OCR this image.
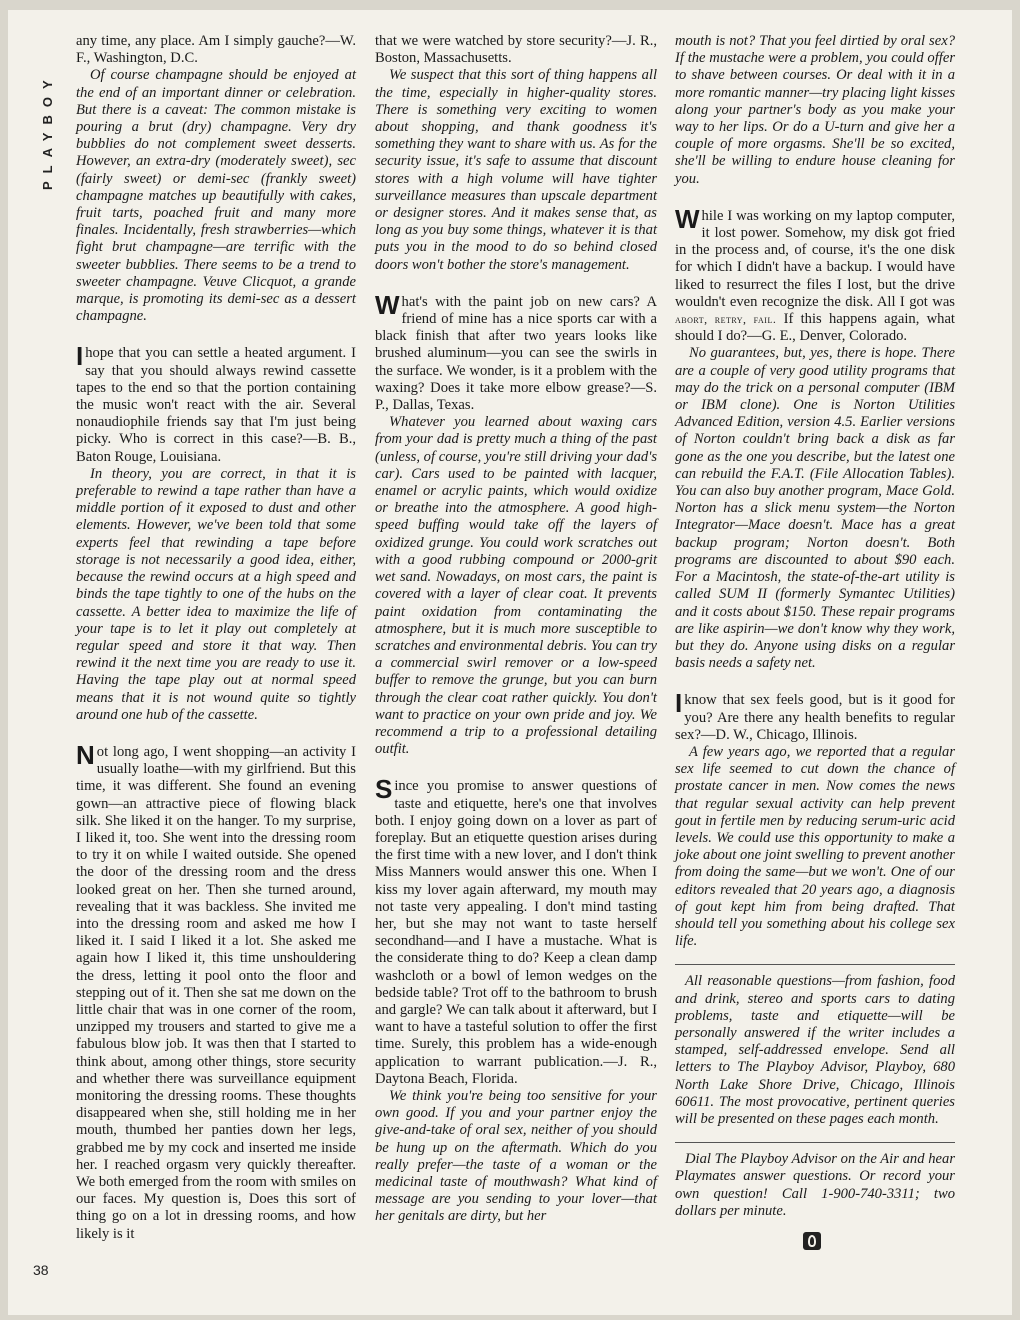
PLAYBOY
38

any time, any place. Am I simply gauche?—W. F., Washington, D.C.

Of course champagne should be enjoyed at the end of an important dinner or celebration. But there is a caveat: The common mistake is pouring a brut (dry) champagne. Very dry bubblies do not complement sweet desserts. However, an extra-dry (moderately sweet), sec (fairly sweet) or demi-sec (frankly sweet) champagne matches up beautifully with cakes, fruit tarts, poached fruit and many more finales. Incidentally, fresh strawberries—which fight brut champagne—are terrific with the sweeter bubblies. There seems to be a trend to sweeter champagne. Veuve Clicquot, a grande marque, is promoting its demi-sec as a dessert champagne.

I hope that you can settle a heated argument. I say that you should always rewind cassette tapes to the end so that the portion containing the music won't react with the air. Several nonaudiophile friends say that I'm just being picky. Who is correct in this case?—B. B., Baton Rouge, Louisiana.

In theory, you are correct, in that it is preferable to rewind a tape rather than have a middle portion of it exposed to dust and other elements. However, we've been told that some experts feel that rewinding a tape before storage is not necessarily a good idea, either, because the rewind occurs at a high speed and binds the tape tightly to one of the hubs on the cassette. A better idea to maximize the life of your tape is to let it play out completely at regular speed and store it that way. Then rewind it the next time you are ready to use it. Having the tape play out at normal speed means that it is not wound quite so tightly around one hub of the cassette.

Not long ago, I went shopping—an activity I usually loathe—with my girlfriend. But this time, it was different. She found an evening gown—an attractive piece of flowing black silk. She liked it on the hanger. To my surprise, I liked it, too. She went into the dressing room to try it on while I waited outside. She opened the door of the dressing room and the dress looked great on her. Then she turned around, revealing that it was backless. She invited me into the dressing room and asked me how I liked it. I said I liked it a lot. She asked me again how I liked it, this time unshouldering the dress, letting it pool onto the floor and stepping out of it. Then she sat me down on the little chair that was in one corner of the room, unzipped my trousers and started to give me a fabulous blow job. It was then that I started to think about, among other things, store security and whether there was surveillance equipment monitoring the dressing rooms. These thoughts disappeared when she, still holding me in her mouth, thumbed her panties down her legs, grabbed me by my cock and inserted me inside her. I reached orgasm very quickly thereafter. We both emerged from the room with smiles on our faces. My question is, Does this sort of thing go on a lot in dressing rooms, and how likely is it

that we were watched by store security?—J. R., Boston, Massachusetts.

We suspect that this sort of thing happens all the time, especially in higher-quality stores. There is something very exciting to women about shopping, and thank goodness it's something they want to share with us. As for the security issue, it's safe to assume that discount stores with a high volume will have tighter surveillance measures than upscale department or designer stores. And it makes sense that, as long as you buy some things, whatever it is that puts you in the mood to do so behind closed doors won't bother the store's management.

What's with the paint job on new cars? A friend of mine has a nice sports car with a black finish that after two years looks like brushed aluminum—you can see the swirls in the surface. We wonder, is it a problem with the waxing? Does it take more elbow grease?—S. P., Dallas, Texas.

Whatever you learned about waxing cars from your dad is pretty much a thing of the past (unless, of course, you're still driving your dad's car). Cars used to be painted with lacquer, enamel or acrylic paints, which would oxidize or breathe into the atmosphere. A good high-speed buffing would take off the layers of oxidized grunge. You could work scratches out with a good rubbing compound or 2000-grit wet sand. Nowadays, on most cars, the paint is covered with a layer of clear coat. It prevents paint oxidation from contaminating the atmosphere, but it is much more susceptible to scratches and environmental debris. You can try a commercial swirl remover or a low-speed buffer to remove the grunge, but you can burn through the clear coat rather quickly. You don't want to practice on your own pride and joy. We recommend a trip to a professional detailing outfit.

Since you promise to answer questions of taste and etiquette, here's one that involves both. I enjoy going down on a lover as part of foreplay. But an etiquette question arises during the first time with a new lover, and I don't think Miss Manners would answer this one. When I kiss my lover again afterward, my mouth may not taste very appealing. I don't mind tasting her, but she may not want to taste herself secondhand—and I have a mustache. What is the considerate thing to do? Keep a clean damp washcloth or a bowl of lemon wedges on the bedside table? Trot off to the bathroom to brush and gargle? We can talk about it afterward, but I want to have a tasteful solution to offer the first time. Surely, this problem has a wide-enough application to warrant publication.—J. R., Daytona Beach, Florida.

We think you're being too sensitive for your own good. If you and your partner enjoy the give-and-take of oral sex, neither of you should be hung up on the aftermath. Which do you really prefer—the taste of a woman or the medicinal taste of mouthwash? What kind of message are you sending to your lover—that her genitals are dirty, but her

mouth is not? That you feel dirtied by oral sex? If the mustache were a problem, you could offer to shave between courses. Or deal with it in a more romantic manner—try placing light kisses along your partner's body as you make your way to her lips. Or do a U-turn and give her a couple of more orgasms. She'll be so excited, she'll be willing to endure house cleaning for you.

While I was working on my laptop computer, it lost power. Somehow, my disk got fried in the process and, of course, it's the one disk for which I didn't have a backup. I would have liked to resurrect the files I lost, but the drive wouldn't even recognize the disk. All I got was abort, retry, fail. If this happens again, what should I do?—G. E., Denver, Colorado.

No guarantees, but, yes, there is hope. There are a couple of very good utility programs that may do the trick on a personal computer (IBM or IBM clone). One is Norton Utilities Advanced Edition, version 4.5. Earlier versions of Norton couldn't bring back a disk as far gone as the one you describe, but the latest one can rebuild the F.A.T. (File Allocation Tables). You can also buy another program, Mace Gold. Norton has a slick menu system—the Norton Integrator—Mace doesn't. Mace has a great backup program; Norton doesn't. Both programs are discounted to about $90 each. For a Macintosh, the state-of-the-art utility is called SUM II (formerly Symantec Utilities) and it costs about $150. These repair programs are like aspirin—we don't know why they work, but they do. Anyone using disks on a regular basis needs a safety net.

I know that sex feels good, but is it good for you? Are there any health benefits to regular sex?—D. W., Chicago, Illinois.

A few years ago, we reported that a regular sex life seemed to cut down the chance of prostate cancer in men. Now comes the news that regular sexual activity can help prevent gout in fertile men by reducing serum-uric acid levels. We could use this opportunity to make a joke about one joint swelling to prevent another from doing the same—but we won't. One of our editors revealed that 20 years ago, a diagnosis of gout kept him from being drafted. That should tell you something about his college sex life.

All reasonable questions—from fashion, food and drink, stereo and sports cars to dating problems, taste and etiquette—will be personally answered if the writer includes a stamped, self-addressed envelope. Send all letters to The Playboy Advisor, Playboy, 680 North Lake Shore Drive, Chicago, Illinois 60611. The most provocative, pertinent queries will be presented on these pages each month.

Dial The Playboy Advisor on the Air and hear Playmates answer questions. Or record your own question! Call 1-900-740-3311; two dollars per minute.
